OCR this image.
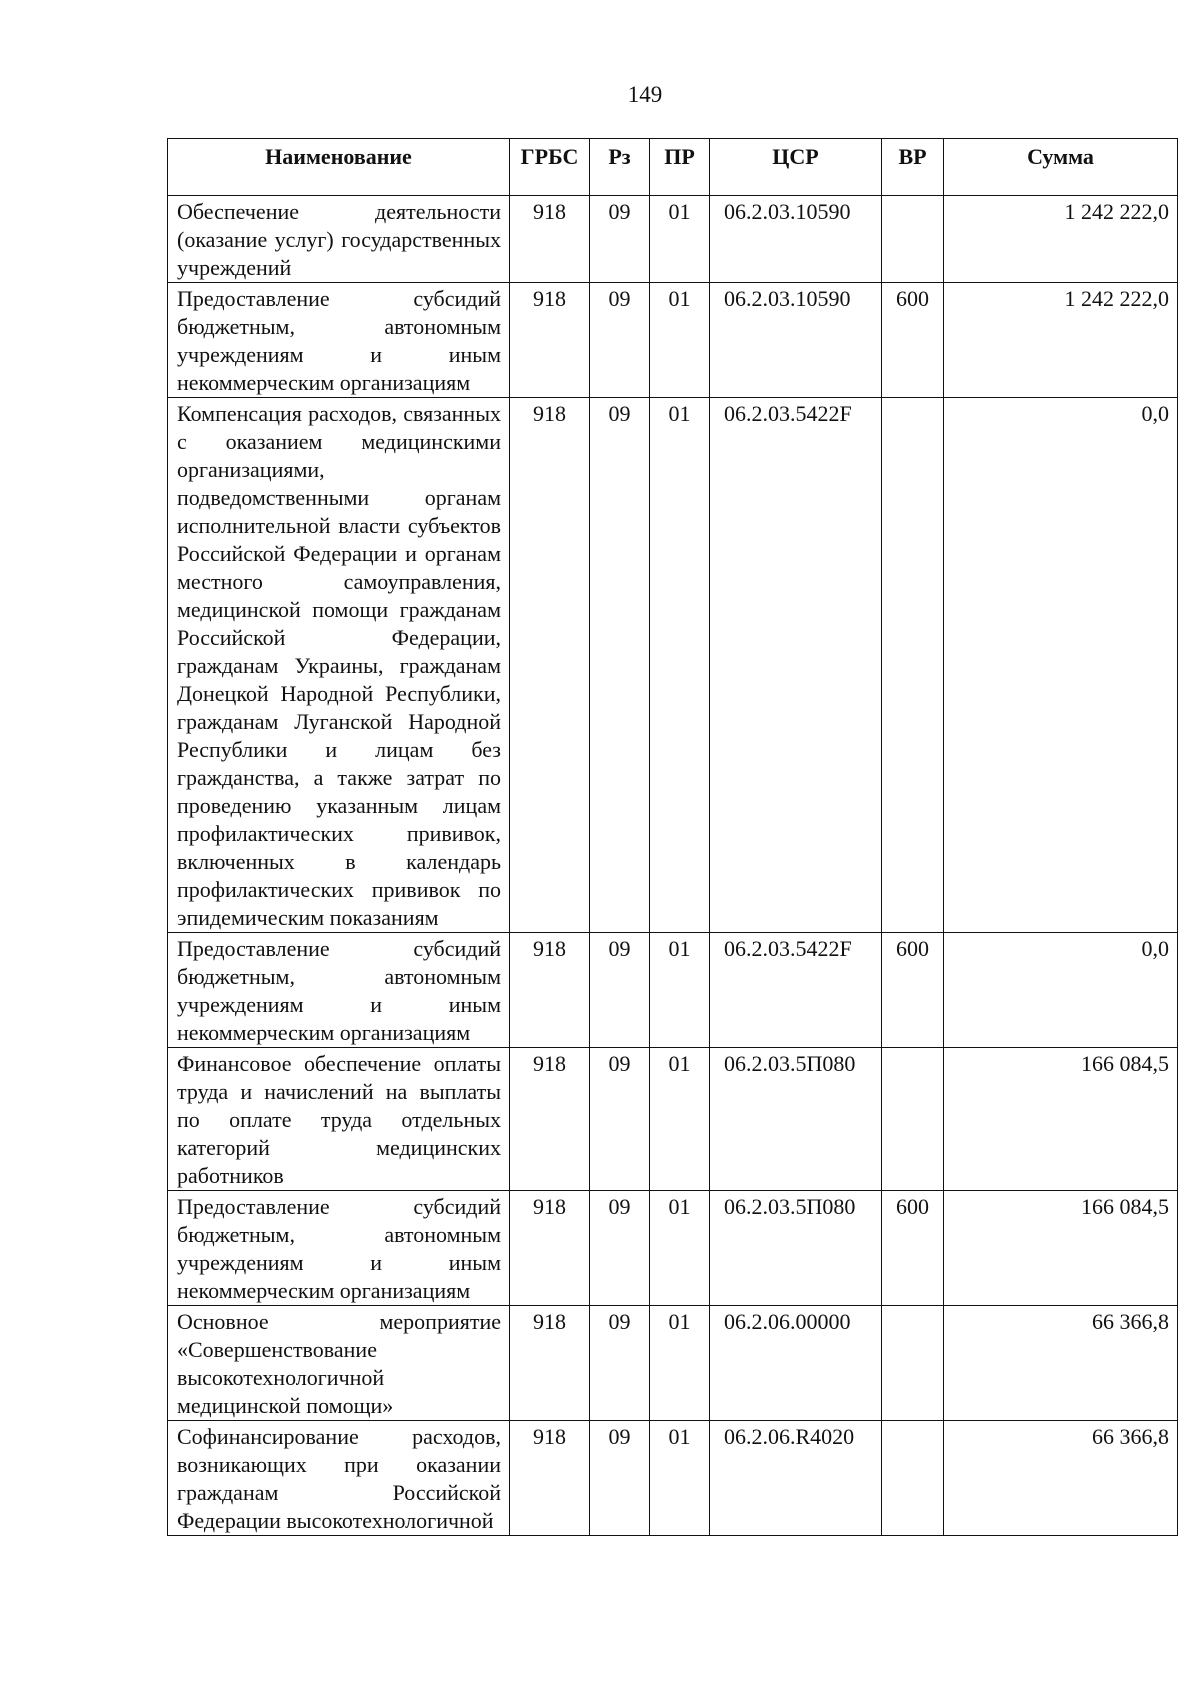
149
Наименование	ГРБС	Рз	ПР	ЦСР	ВР	Сумма
Обеспечение деятельности (оказание услуг) государственных учреждений	918	09	01	06.2.03.10590		1 242 222,0
Предоставление субсидий бюджетным, автономным учреждениям и иным некоммерческим организациям	918	09	01	06.2.03.10590	600	1 242 222,0
Компенсация расходов, связанных с оказанием медицинскими организациями, подведомственными органам исполнительной власти субъектов Российской Федерации и органам местного самоуправления, медицинской помощи гражданам Российской Федерации, гражданам Украины, гражданам Донецкой Народной Республики, гражданам Луганской Народной Республики и лицам без гражданства, а также затрат по проведению указанным лицам профилактических прививок, включенных в календарь профилактических прививок по эпидемическим показаниям	918	09	01	06.2.03.5422F		0,0
Предоставление субсидий бюджетным, автономным учреждениям и иным некоммерческим организациям	918	09	01	06.2.03.5422F	600	0,0
Финансовое обеспечение оплаты труда и начислений на выплаты по оплате труда отдельных категорий медицинских работников	918	09	01	06.2.03.5П080		166 084,5
Предоставление субсидий бюджетным, автономным учреждениям и иным некоммерческим организациям	918	09	01	06.2.03.5П080	600	166 084,5
Основное мероприятие «Совершенствование высокотехнологичной медицинской помощи»	918	09	01	06.2.06.00000		66 366,8
Софинансирование расходов, возникающих при оказании гражданам Российской Федерации высокотехнологичной	918	09	01	06.2.06.R4020		66 366,8
